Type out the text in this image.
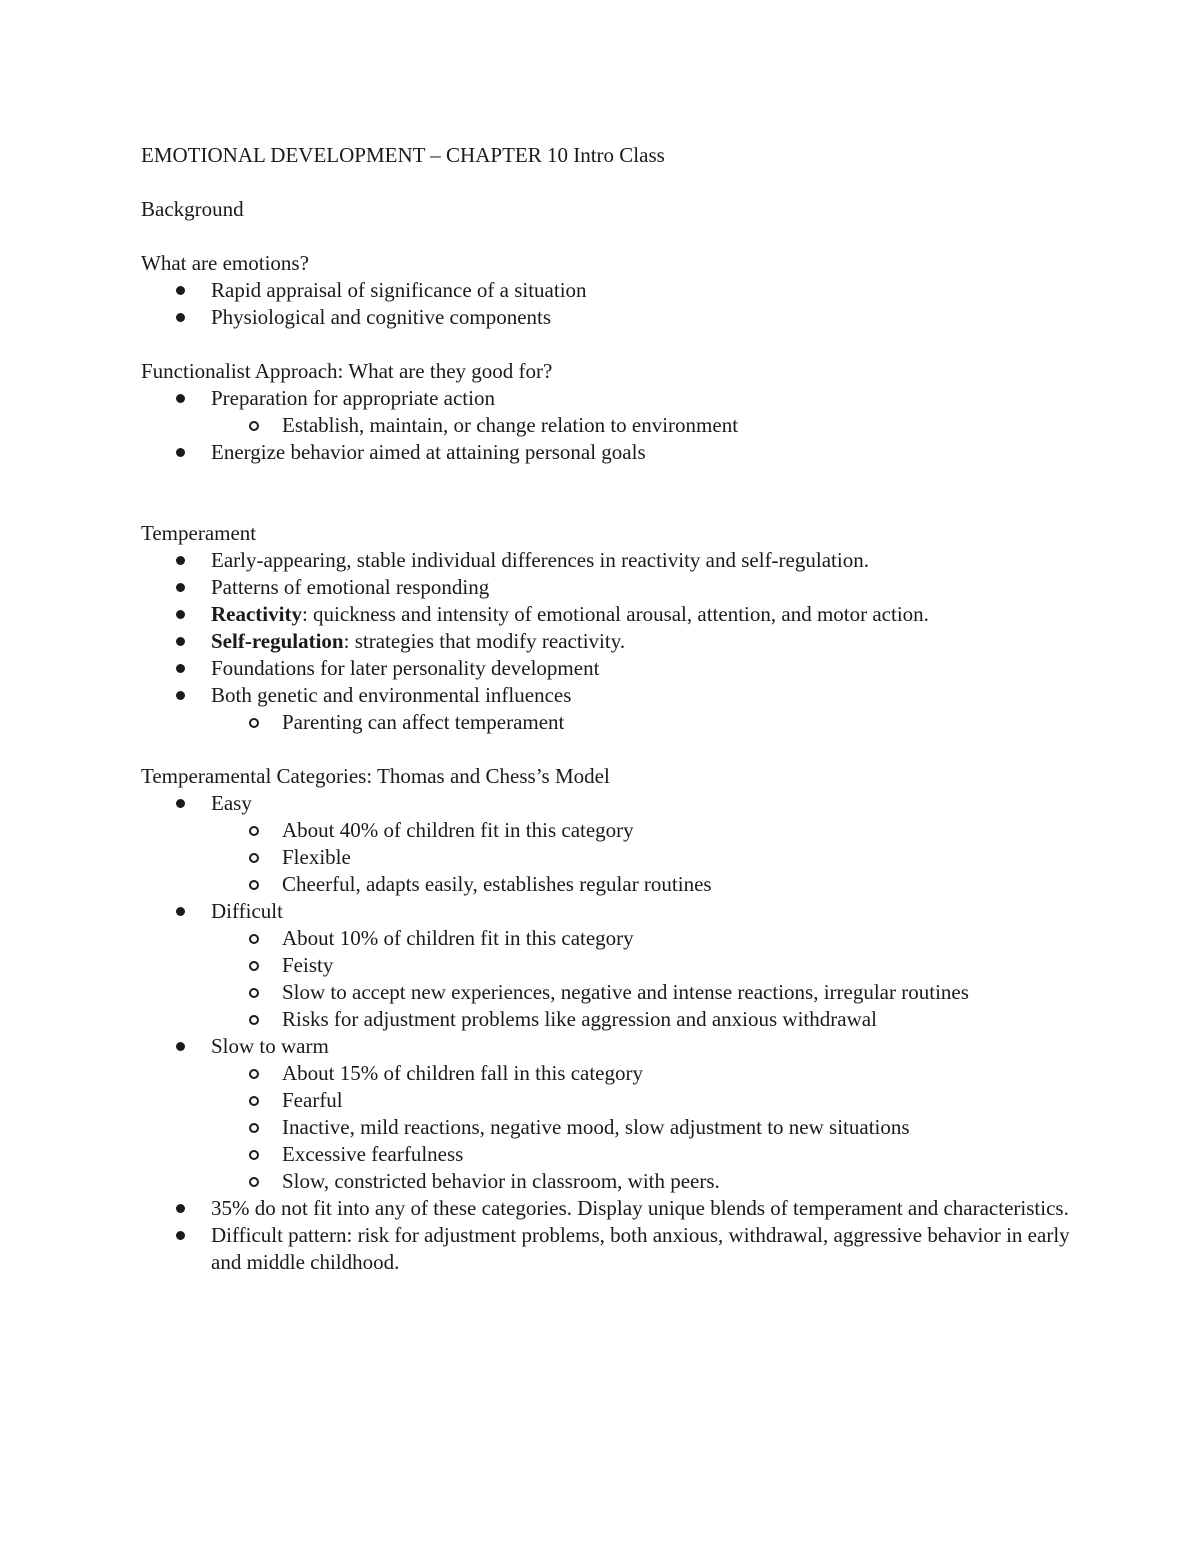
EMOTIONAL DEVELOPMENT – CHAPTER 10 Intro Class

Background

What are emotions?

Rapid appraisal of significance of a situation

Physiological and cognitive components

Functionalist Approach: What are they good for?

Preparation for appropriate action

Establish, maintain, or change relation to environment

Energize behavior aimed at attaining personal goals

Temperament

Early-appearing, stable individual differences in reactivity and self-regulation.

Patterns of emotional responding

Reactivity: quickness and intensity of emotional arousal, attention, and motor action.

Self-regulation: strategies that modify reactivity.

Foundations for later personality development

Both genetic and environmental influences

Parenting can affect temperament

Temperamental Categories: Thomas and Chess’s Model

Easy

About 40% of children fit in this category

Flexible

Cheerful, adapts easily, establishes regular routines

Difficult

About 10% of children fit in this category

Feisty

Slow to accept new experiences, negative and intense reactions, irregular routines

Risks for adjustment problems like aggression and anxious withdrawal

Slow to warm

About 15% of children fall in this category

Fearful

Inactive, mild reactions, negative mood, slow adjustment to new situations

Excessive fearfulness

Slow, constricted behavior in classroom, with peers.

35% do not fit into any of these categories. Display unique blends of temperament and characteristics.

Difficult pattern: risk for adjustment problems, both anxious, withdrawal, aggressive behavior in early and middle childhood.
